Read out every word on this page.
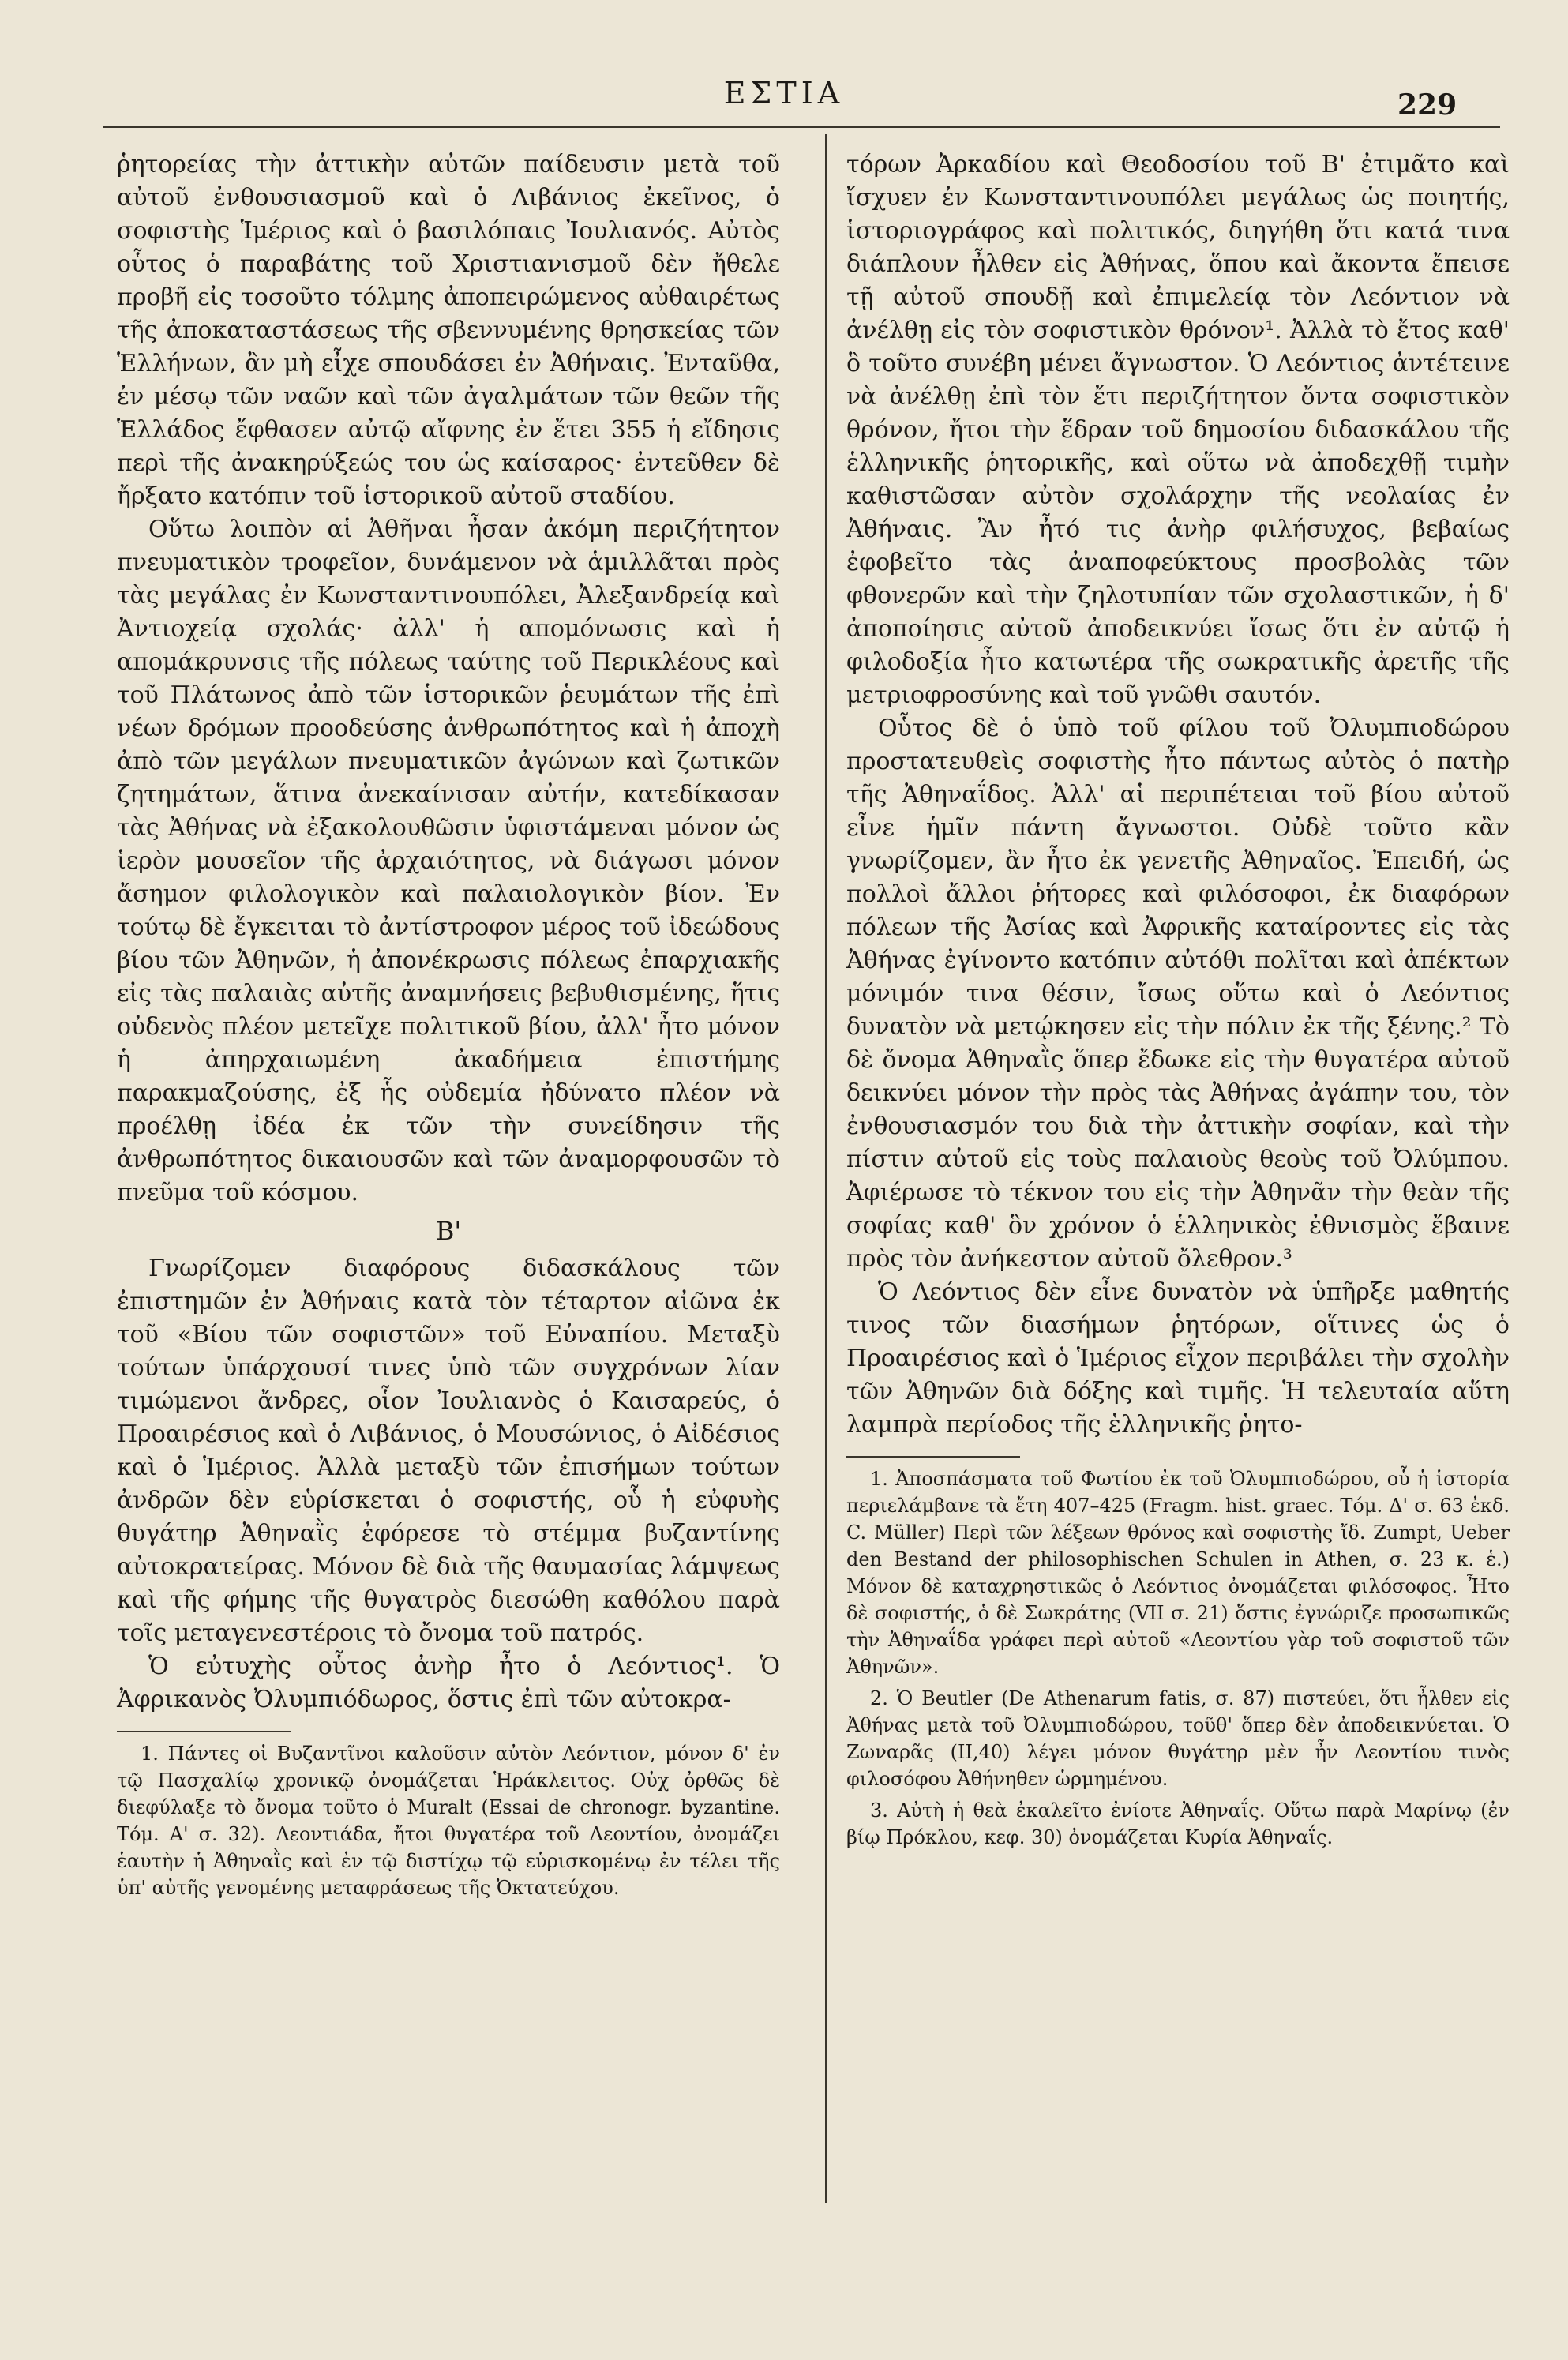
ΕΣΤΙΑ	229

ῥητορείας τὴν ἀττικὴν αὐτῶν παίδευσιν μετὰ τοῦ αὐτοῦ ἐνθουσιασμοῦ καὶ ὁ Λιβάνιος ἐκεῖνος, ὁ σοφιστὴς Ἱμέριος καὶ ὁ βασιλόπαις Ἰουλιανός. Αὐτὸς οὗτος ὁ παραβάτης τοῦ Χριστιανισμοῦ δὲν ἤθελε προβῆ εἰς τοσοῦτο τόλμης ἀποπειρώμενος αὐθαιρέτως τῆς ἀποκαταστάσεως τῆς σβεννυμένης θρησκείας τῶν Ἑλλήνων, ἂν μὴ εἶχε σπουδάσει ἐν Ἀθήναις. Ἐνταῦθα, ἐν μέσῳ τῶν ναῶν καὶ τῶν ἀγαλμάτων τῶν θεῶν τῆς Ἑλλάδος ἔφθασεν αὐτῷ αἴφνης ἐν ἔτει 355 ἡ εἴδησις περὶ τῆς ἀνακηρύξεώς του ὡς καίσαρος· ἐντεῦθεν δὲ ἤρξατο κατόπιν τοῦ ἱστορικοῦ αὐτοῦ σταδίου.

Οὕτω λοιπὸν αἱ Ἀθῆναι ἦσαν ἀκόμη περιζήτητον πνευματικὸν τροφεῖον, δυνάμενον νὰ ἁμιλλᾶται πρὸς τὰς μεγάλας ἐν Κωνσταντινουπόλει, Ἀλεξανδρείᾳ καὶ Ἀντιοχείᾳ σχολάς· ἀλλ' ἡ απομόνωσις καὶ ἡ απομάκρυνσις τῆς πόλεως ταύτης τοῦ Περικλέους καὶ τοῦ Πλάτωνος ἀπὸ τῶν ἱστορικῶν ῥευμάτων τῆς ἐπὶ νέων δρόμων προοδεύσης ἀνθρωπότητος καὶ ἡ ἀποχὴ ἀπὸ τῶν μεγάλων πνευματικῶν ἀγώνων καὶ ζωτικῶν ζητημάτων, ἅτινα ἀνεκαίνισαν αὐτήν, κατεδίκασαν τὰς Ἀθήνας νὰ ἐξακολουθῶσιν ὑφιστάμεναι μόνον ὡς ἱερὸν μουσεῖον τῆς ἀρχαιότητος, νὰ διάγωσι μόνον ἄσημον φιλολογικὸν καὶ παλαιολογικὸν βίον. Ἐν τούτῳ δὲ ἔγκειται τὸ ἀντίστροφον μέρος τοῦ ἰδεώδους βίου τῶν Ἀθηνῶν, ἡ ἀπονέκρωσις πόλεως ἐπαρχιακῆς εἰς τὰς παλαιὰς αὐτῆς ἀναμνήσεις βεβυθισμένης, ἥτις οὐδενὸς πλέον μετεῖχε πολιτικοῦ βίου, ἀλλ' ἦτο μόνον ἡ ἀπηρχαιωμένη ἀκαδήμεια ἐπιστήμης παρακμαζούσης, ἐξ ἧς οὐδεμία ἠδύνατο πλέον νὰ προέλθῃ ἰδέα ἐκ τῶν τὴν συνείδησιν τῆς ἀνθρωπότητος δικαιουσῶν καὶ τῶν ἀναμορφουσῶν τὸ πνεῦμα τοῦ κόσμου.

Β'

Γνωρίζομεν διαφόρους διδασκάλους τῶν ἐπιστημῶν ἐν Ἀθήναις κατὰ τὸν τέταρτον αἰῶνα ἐκ τοῦ «Βίου τῶν σοφιστῶν» τοῦ Εὐναπίου. Μεταξὺ τούτων ὑπάρχουσί τινες ὑπὸ τῶν συγχρόνων λίαν τιμώμενοι ἄνδρες, οἷον Ἰουλιανὸς ὁ Καισαρεύς, ὁ Προαιρέσιος καὶ ὁ Λιβάνιος, ὁ Μουσώνιος, ὁ Αἰδέσιος καὶ ὁ Ἱμέριος. Ἀλλὰ μεταξὺ τῶν ἐπισήμων τούτων ἀνδρῶν δὲν εὑρίσκεται ὁ σοφιστής, οὗ ἡ εὐφυὴς θυγάτηρ Ἀθηναῒς ἐφόρεσε τὸ στέμμα βυζαντίνης αὐτοκρατείρας. Μόνον δὲ διὰ τῆς θαυμασίας λάμψεως καὶ τῆς φήμης τῆς θυγατρὸς διεσώθη καθόλου παρὰ τοῖς μεταγενεστέροις τὸ ὄνομα τοῦ πατρός.

Ὁ εὐτυχὴς οὗτος ἀνὴρ ἦτο ὁ Λεόντιος¹. Ὁ Ἀφρικανὸς Ὀλυμπιόδωρος, ὅστις ἐπὶ τῶν αὐτοκρα-

1. Πάντες οἱ Βυζαντῖνοι καλοῦσιν αὐτὸν Λεόντιον, μόνον δ' ἐν τῷ Πασχαλίῳ χρονικῷ ὀνομάζεται Ἡράκλειτος. Οὐχ ὀρθῶς δὲ διεφύλαξε τὸ ὄνομα τοῦτο ὁ Muralt (Essai de chronogr. byzantine. Τόμ. Α' σ. 32). Λεοντιάδα, ἤτοι θυγατέρα τοῦ Λεοντίου, ὀνομάζει ἑαυτὴν ἡ Ἀθηναῒς καὶ ἐν τῷ διστίχῳ τῷ εὑρισκομένῳ ἐν τέλει τῆς ὑπ' αὐτῆς γενομένης μεταφράσεως τῆς Ὀκτατεύχου.

τόρων Ἀρκαδίου καὶ Θεοδοσίου τοῦ Β' ἐτιμᾶτο καὶ ἴσχυεν ἐν Κωνσταντινουπόλει μεγάλως ὡς ποιητής, ἱστοριογράφος καὶ πολιτικός, διηγήθη ὅτι κατά τινα διάπλουν ἦλθεν εἰς Ἀθήνας, ὅπου καὶ ἄκοντα ἔπεισε τῇ αὐτοῦ σπουδῇ καὶ ἐπιμελείᾳ τὸν Λεόντιον νὰ ἀνέλθῃ εἰς τὸν σοφιστικὸν θρόνον¹. Ἀλλὰ τὸ ἔτος καθ' ὃ τοῦτο συνέβη μένει ἄγνωστον. Ὁ Λεόντιος ἀντέτεινε νὰ ἀνέλθῃ ἐπὶ τὸν ἔτι περιζήτητον ὄντα σοφιστικὸν θρόνον, ἤτοι τὴν ἕδραν τοῦ δημοσίου διδασκάλου τῆς ἑλληνικῆς ῥητορικῆς, καὶ οὕτω νὰ ἀποδεχθῇ τιμὴν καθιστῶσαν αὐτὸν σχολάρχην τῆς νεολαίας ἐν Ἀθήναις. Ἂν ἦτό τις ἀνὴρ φιλήσυχος, βεβαίως ἐφοβεῖτο τὰς ἀναποφεύκτους προσβολὰς τῶν φθονερῶν καὶ τὴν ζηλοτυπίαν τῶν σχολαστικῶν, ἡ δ' ἀποποίησις αὐτοῦ ἀποδεικνύει ἴσως ὅτι ἐν αὐτῷ ἡ φιλοδοξία ἦτο κατωτέρα τῆς σωκρατικῆς ἀρετῆς τῆς μετριοφροσύνης καὶ τοῦ γνῶθι σαυτόν.

Οὗτος δὲ ὁ ὑπὸ τοῦ φίλου τοῦ Ὀλυμπιοδώρου προστατευθεὶς σοφιστὴς ἦτο πάντως αὐτὸς ὁ πατὴρ τῆς Ἀθηναΐδος. Ἀλλ' αἱ περιπέτειαι τοῦ βίου αὐτοῦ εἶνε ἡμῖν πάντη ἄγνωστοι. Οὐδὲ τοῦτο κἂν γνωρίζομεν, ἂν ἦτο ἐκ γενετῆς Ἀθηναῖος. Ἐπειδή, ὡς πολλοὶ ἄλλοι ῥήτορες καὶ φιλόσοφοι, ἐκ διαφόρων πόλεων τῆς Ἀσίας καὶ Ἀφρικῆς καταίροντες εἰς τὰς Ἀθήνας ἐγίνοντο κατόπιν αὐτόθι πολῖται καὶ ἀπέκτων μόνιμόν τινα θέσιν, ἴσως οὕτω καὶ ὁ Λεόντιος δυνατὸν νὰ μετῴκησεν εἰς τὴν πόλιν ἐκ τῆς ξένης.² Τὸ δὲ ὄνομα Ἀθηναῒς ὅπερ ἔδωκε εἰς τὴν θυγατέρα αὐτοῦ δεικνύει μόνον τὴν πρὸς τὰς Ἀθήνας ἀγάπην του, τὸν ἐνθουσιασμόν του διὰ τὴν ἀττικὴν σοφίαν, καὶ τὴν πίστιν αὐτοῦ εἰς τοὺς παλαιοὺς θεοὺς τοῦ Ὀλύμπου. Ἀφιέρωσε τὸ τέκνον του εἰς τὴν Ἀθηνᾶν τὴν θεὰν τῆς σοφίας καθ' ὃν χρόνον ὁ ἑλληνικὸς ἐθνισμὸς ἔβαινε πρὸς τὸν ἀνήκεστον αὐτοῦ ὄλεθρον.³

Ὁ Λεόντιος δὲν εἶνε δυνατὸν νὰ ὑπῆρξε μαθητής τινος τῶν διασήμων ῥητόρων, οἵτινες ὡς ὁ Προαιρέσιος καὶ ὁ Ἱμέριος εἶχον περιβάλει τὴν σχολὴν τῶν Ἀθηνῶν διὰ δόξης καὶ τιμῆς. Ἡ τελευταία αὕτη λαμπρὰ περίοδος τῆς ἑλληνικῆς ῥητο-

1. Ἀποσπάσματα τοῦ Φωτίου ἐκ τοῦ Ὀλυμπιοδώρου, οὗ ἡ ἱστορία περιελάμβανε τὰ ἔτη 407–425 (Fragm. hist. graec. Τόμ. Δ' σ. 63 ἐκδ. C. Müller) Περὶ τῶν λέξεων θρόνος καὶ σοφιστὴς ἴδ. Zumpt, Ueber den Bestand der philosophischen Schulen in Athen, σ. 23 κ. ἑ.) Μόνον δὲ καταχρηστικῶς ὁ Λεόντιος ὀνομάζεται φιλόσοφος. Ἦτο δὲ σοφιστής, ὁ δὲ Σωκράτης (VII σ. 21) ὅστις ἐγνώριζε προσωπικῶς τὴν Ἀθηναΐδα γράφει περὶ αὐτοῦ «Λεοντίου γὰρ τοῦ σοφιστοῦ τῶν Ἀθηνῶν».

2. Ὁ Beutler (De Athenarum fatis, σ. 87) πιστεύει, ὅτι ἦλθεν εἰς Ἀθήνας μετὰ τοῦ Ὀλυμπιοδώρου, τοῦθ' ὅπερ δὲν ἀποδεικνύεται. Ὁ Ζωναρᾶς (II,40) λέγει μόνον θυγάτηρ μὲν ἦν Λεοντίου τινὸς φιλοσόφου Ἀθήνηθεν ὡρμημένου.

3. Αὐτὴ ἡ θεὰ ἐκαλεῖτο ἐνίοτε Ἀθηναΐς. Οὕτω παρὰ Μαρίνῳ (ἐν βίῳ Πρόκλου, κεφ. 30) ὀνομάζεται Κυρία Ἀθηναΐς.
